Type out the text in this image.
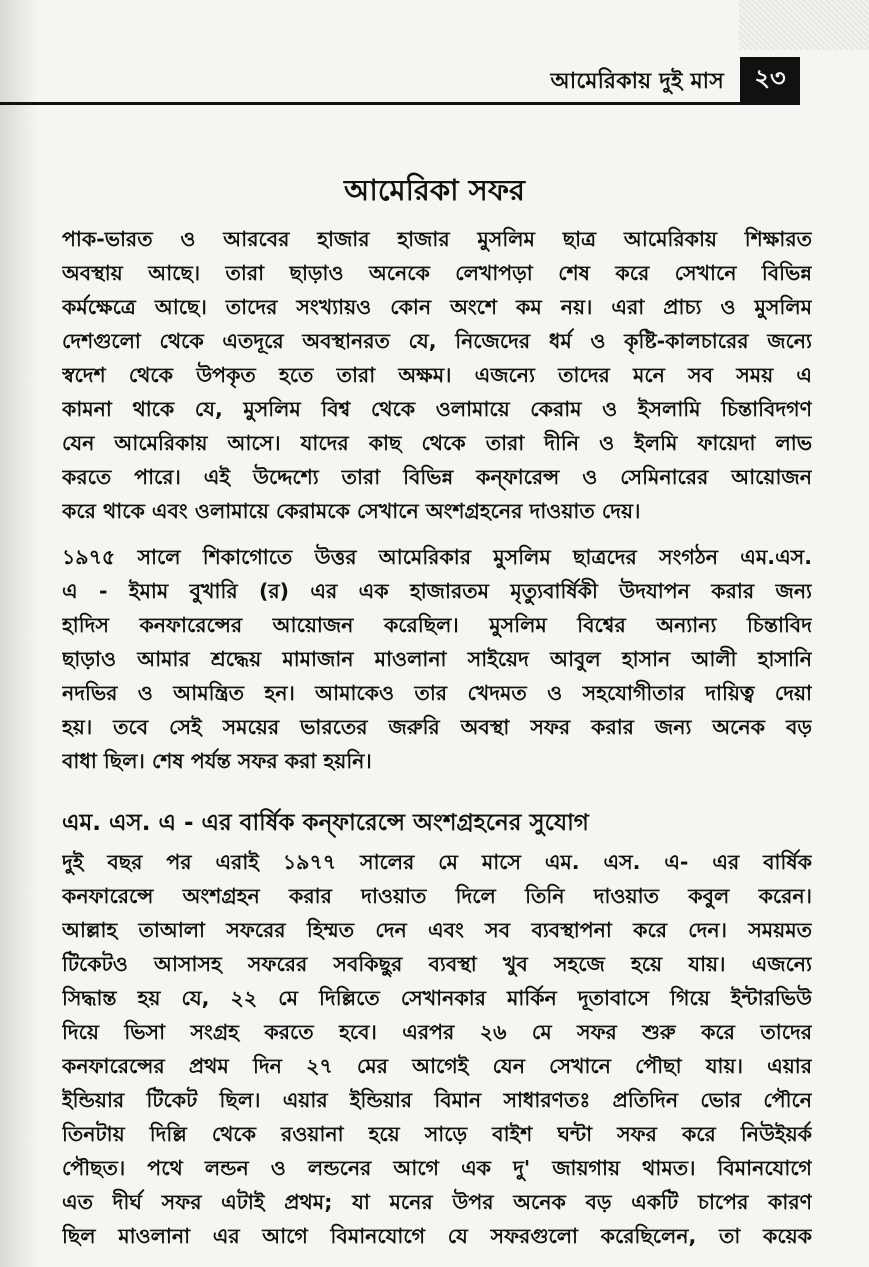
আমেরিকায় দুই মাস	২৩
আমেরিকা সফর
পাক-ভারত ও আরবের হাজার হাজার মুসলিম ছাত্র আমেরিকায় শিক্ষারত
অবস্থায় আছে। তারা ছাড়াও অনেকে লেখাপড়া শেষ করে সেখানে বিভিন্ন
কর্মক্ষেত্রে আছে। তাদের সংখ্যায়ও কোন অংশে কম নয়। এরা প্রাচ্য ও মুসলিম
দেশগুলো থেকে এতদূরে অবস্থানরত যে, নিজেদের ধর্ম ও কৃষ্টি-কালচারের জন্যে
স্বদেশ থেকে উপকৃত হতে তারা অক্ষম। এজন্যে তাদের মনে সব সময় এ
কামনা থাকে যে, মুসলিম বিশ্ব থেকে ওলামায়ে কেরাম ও ইসলামি চিন্তাবিদগণ
যেন আমেরিকায় আসে। যাদের কাছ থেকে তারা দীনি ও ইলমি ফায়েদা লাভ
করতে পারে। এই উদ্দেশ্যে তারা বিভিন্ন কন্‌ফারেন্স ও সেমিনারের আয়োজন
করে থাকে এবং ওলামায়ে কেরামকে সেখানে অংশগ্রহনের দাওয়াত দেয়।
১৯৭৫ সালে শিকাগোতে উত্তর আমেরিকার মুসলিম ছাত্রদের সংগঠন এম.এস.
এ - ইমাম বুখারি (র) এর এক হাজারতম মৃত্যুবার্ষিকী উদযাপন করার জন্য
হাদিস কনফারেন্সের আয়োজন করেছিল। মুসলিম বিশ্বের অন্যান্য চিন্তাবিদ
ছাড়াও আমার শ্রদ্ধেয় মামাজান মাওলানা সাইয়েদ আবুল হাসান আলী হাসানি
নদভির ও আমন্ত্রিত হন। আমাকেও তার খেদমত ও সহযোগীতার দায়িত্ব দেয়া
হয়। তবে সেই সময়ের ভারতের জরুরি অবস্থা সফর করার জন্য অনেক বড়
বাধা ছিল। শেষ পর্যন্ত সফর করা হয়নি।
এম. এস. এ - এর বার্ষিক কন্‌ফারেন্সে অংশগ্রহনের সুযোগ
দুই বছর পর এরাই ১৯৭৭ সালের মে মাসে এম. এস. এ- এর বার্ষিক
কনফারেন্সে অংশগ্রহন করার দাওয়াত দিলে তিনি দাওয়াত কবুল করেন।
আল্লাহ তাআলা সফরের হিম্মত দেন এবং সব ব্যবস্থাপনা করে দেন। সময়মত
টিকেটও আসাসহ সফরের সবকিছুর ব্যবস্থা খুব সহজে হয়ে যায়। এজন্যে
সিদ্ধান্ত হয় যে, ২২ মে দিল্লিতে সেখানকার মার্কিন দূতাবাসে গিয়ে ইন্টারভিউ
দিয়ে ভিসা সংগ্রহ করতে হবে। এরপর ২৬ মে সফর শুরু করে তাদের
কনফারেন্সের প্রথম দিন ২৭ মের আগেই যেন সেখানে পৌছা যায়। এয়ার
ইন্ডিয়ার টিকেট ছিল। এয়ার ইন্ডিয়ার বিমান সাধারণতঃ প্রতিদিন ভোর পৌনে
তিনটায় দিল্লি থেকে রওয়ানা হয়ে সাড়ে বাইশ ঘন্টা সফর করে নিউইয়র্ক
পৌছত। পথে লন্ডন ও লন্ডনের আগে এক দু' জায়গায় থামত। বিমানযোগে
এত দীর্ঘ সফর এটাই প্রথম; যা মনের উপর অনেক বড় একটি চাপের কারণ
ছিল মাওলানা এর আগে বিমানযোগে যে সফরগুলো করেছিলেন, তা কয়েক
